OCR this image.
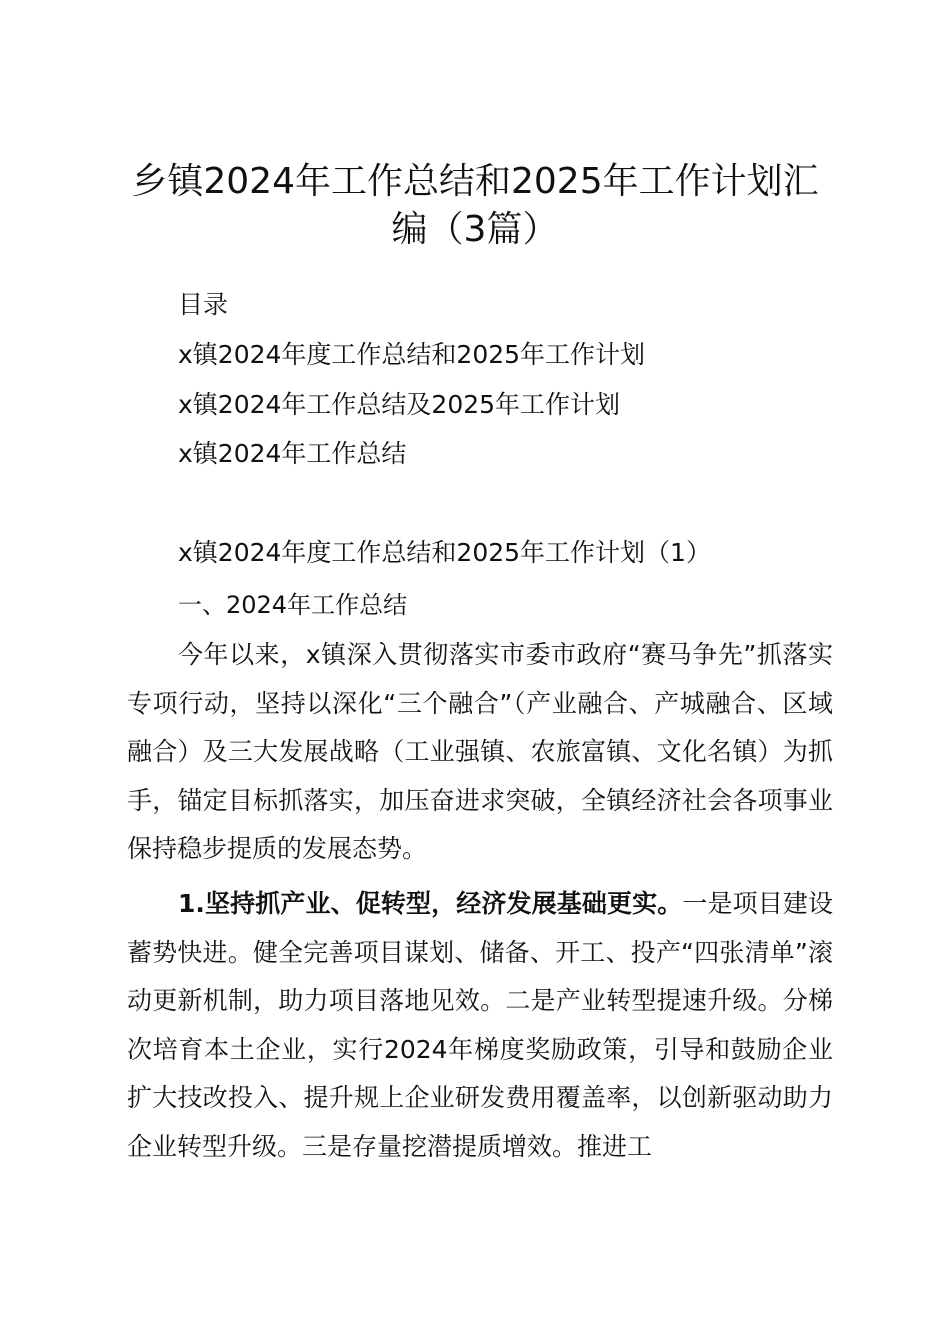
乡镇2024年工作总结和2025年工作计划汇编（3篇）

目录

x镇2024年度工作总结和2025年工作计划

x镇2024年工作总结及2025年工作计划

x镇2024年工作总结

x镇2024年度工作总结和2025年工作计划（1）

一、2024年工作总结

今年以来，x镇深入贯彻落实市委市政府“赛马争先”抓落实专项行动，坚持以深化“三个融合”（产业融合、产城融合、区域融合）及三大发展战略（工业强镇、农旅富镇、文化名镇）为抓手，锚定目标抓落实，加压奋进求突破，全镇经济社会各项事业保持稳步提质的发展态势。

1.坚持抓产业、促转型，经济发展基础更实。一是项目建设蓄势快进。健全完善项目谋划、储备、开工、投产“四张清单”滚动更新机制，助力项目落地见效。二是产业转型提速升级。分梯次培育本土企业，实行2024年梯度奖励政策，引导和鼓励企业扩大技改投入、提升规上企业研发费用覆盖率，以创新驱动助力企业转型升级。三是存量挖潜提质增效。推进工
